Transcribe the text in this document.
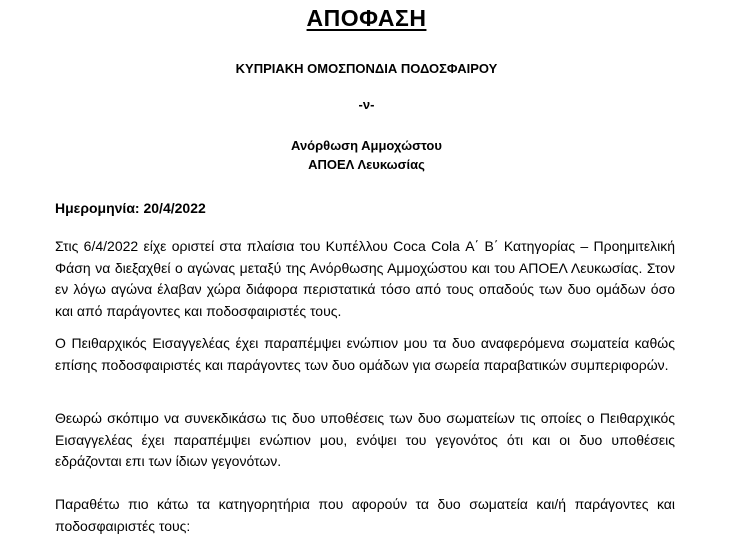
ΑΠΟΦΑΣΗ

ΚΥΠΡΙΑΚΗ ΟΜΟΣΠΟΝΔΙΑ ΠΟΔΟΣΦΑΙΡΟΥ

-ν-

Ανόρθωση Αμμοχώστου

ΑΠΟΕΛ Λευκωσίας

Ημερομηνία: 20/4/2022

Στις 6/4/2022 είχε οριστεί στα πλαίσια του Κυπέλλου Coca Cola Α΄ Β΄ Κατηγορίας – Προημιτελική Φάση να διεξαχθεί ο αγώνας μεταξύ της Ανόρθωσης Αμμοχώστου και του ΑΠΟΕΛ Λευκωσίας. Στον εν λόγω αγώνα έλαβαν χώρα διάφορα περιστατικά τόσο από τους οπαδούς των δυο ομάδων όσο και από παράγοντες και ποδοσφαιριστές τους.

Ο Πειθαρχικός Εισαγγελέας έχει παραπέμψει ενώπιον μου τα δυο αναφερόμενα σωματεία καθώς επίσης ποδοσφαιριστές και παράγοντες των δυο ομάδων για σωρεία παραβατικών συμπεριφορών.

Θεωρώ σκόπιμο να συνεκδικάσω τις δυο υποθέσεις των δυο σωματείων τις οποίες ο Πειθαρχικός Εισαγγελέας έχει παραπέμψει ενώπιον μου, ενόψει του γεγονότος ότι και οι δυο υποθέσεις εδράζονται επι των ίδιων γεγονότων.

Παραθέτω πιο κάτω τα κατηγορητήρια που αφορούν τα δυο σωματεία και/ή παράγοντες και ποδοσφαιριστές τους:
